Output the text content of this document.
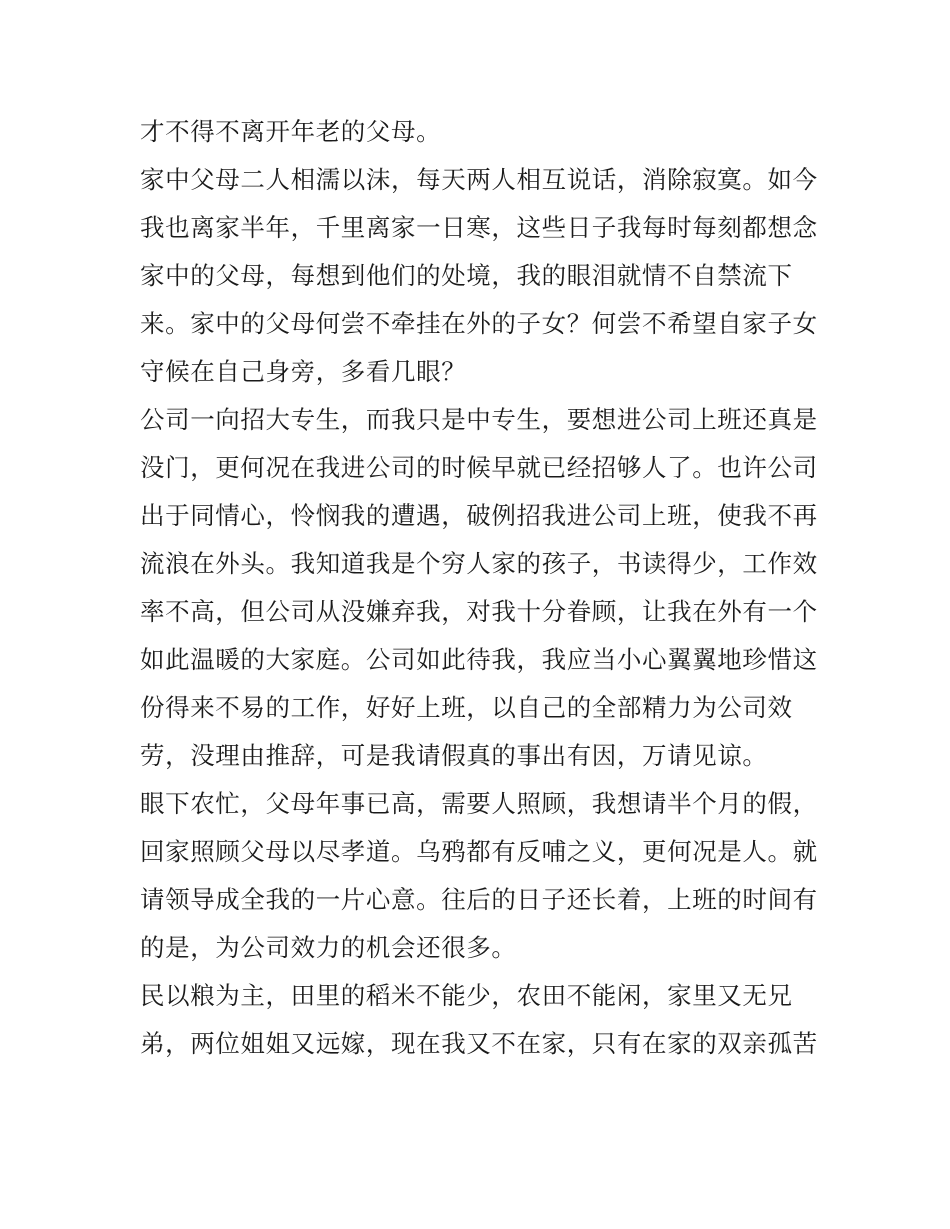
才不得不离开年老的父母。
家中父母二人相濡以沫，每天两人相互说话，消除寂寞。如今
我也离家半年，千里离家一日寒，这些日子我每时每刻都想念
家中的父母，每想到他们的处境，我的眼泪就情不自禁流下
来。家中的父母何尝不牵挂在外的子女？何尝不希望自家子女
守候在自己身旁，多看几眼？
公司一向招大专生，而我只是中专生，要想进公司上班还真是
没门，更何况在我进公司的时候早就已经招够人了。也许公司
出于同情心，怜悯我的遭遇，破例招我进公司上班，使我不再
流浪在外头。我知道我是个穷人家的孩子，书读得少，工作效
率不高，但公司从没嫌弃我，对我十分眷顾，让我在外有一个
如此温暖的大家庭。公司如此待我，我应当小心翼翼地珍惜这
份得来不易的工作，好好上班，以自己的全部精力为公司效
劳，没理由推辞，可是我请假真的事出有因，万请见谅。
眼下农忙，父母年事已高，需要人照顾，我想请半个月的假，
回家照顾父母以尽孝道。乌鸦都有反哺之义，更何况是人。就
请领导成全我的一片心意。往后的日子还长着，上班的时间有
的是，为公司效力的机会还很多。
民以粮为主，田里的稻米不能少，农田不能闲，家里又无兄
弟，两位姐姐又远嫁，现在我又不在家，只有在家的双亲孤苦
